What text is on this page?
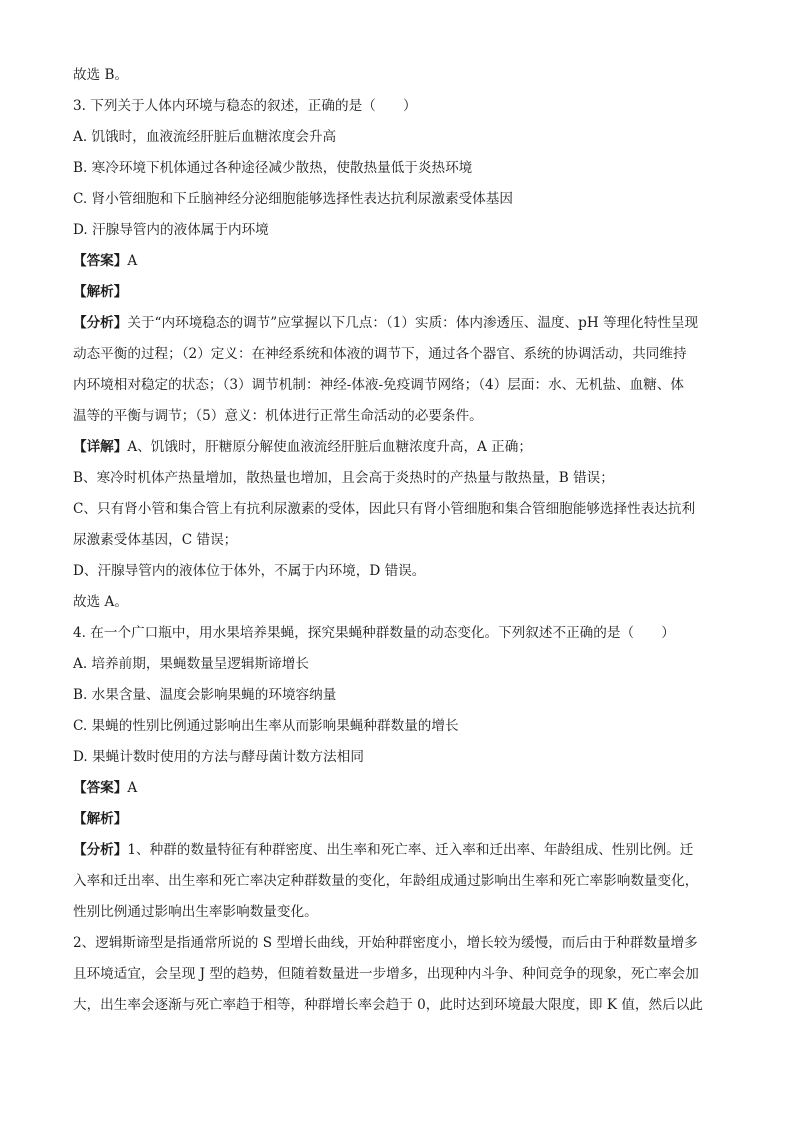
故选 B。
3. 下列关于人体内环境与稳态的叙述，正确的是（　　）
A. 饥饿时，血液流经肝脏后血糖浓度会升高
B. 寒冷环境下机体通过各种途径减少散热，使散热量低于炎热环境
C. 肾小管细胞和下丘脑神经分泌细胞能够选择性表达抗利尿激素受体基因
D. 汗腺导管内的液体属于内环境
【答案】A
【解析】
【分析】关于“内环境稳态的调节”应掌握以下几点：（1）实质：体内渗透压、温度、pH 等理化特性呈现
动态平衡的过程；（2）定义：在神经系统和体液的调节下，通过各个器官、系统的协调活动，共同维持
内环境相对稳定的状态；（3）调节机制：神经-体液-免疫调节网络；（4）层面：水、无机盐、血糖、体
温等的平衡与调节；（5）意义：机体进行正常生命活动的必要条件。
【详解】A、饥饿时，肝糖原分解使血液流经肝脏后血糖浓度升高，A 正确；
B、寒冷时机体产热量增加，散热量也增加，且会高于炎热时的产热量与散热量，B 错误；
C、只有肾小管和集合管上有抗利尿激素的受体，因此只有肾小管细胞和集合管细胞能够选择性表达抗利
尿激素受体基因，C 错误；
D、汗腺导管内的液体位于体外，不属于内环境，D 错误。
故选 A。
4. 在一个广口瓶中，用水果培养果蝇，探究果蝇种群数量的动态变化。下列叙述不正确的是（　　）
A. 培养前期，果蝇数量呈逻辑斯谛增长
B. 水果含量、温度会影响果蝇的环境容纳量
C. 果蝇的性别比例通过影响出生率从而影响果蝇种群数量的增长
D. 果蝇计数时使用的方法与酵母菌计数方法相同
【答案】A
【解析】
【分析】1、种群的数量特征有种群密度、出生率和死亡率、迁入率和迁出率、年龄组成、性别比例。迁
入率和迁出率、出生率和死亡率决定种群数量的变化，年龄组成通过影响出生率和死亡率影响数量变化，
性别比例通过影响出生率影响数量变化。
2、逻辑斯谛型是指通常所说的 S 型增长曲线，开始种群密度小，增长较为缓慢，而后由于种群数量增多
且环境适宜，会呈现 J 型的趋势，但随着数量进一步增多，出现种内斗争、种间竞争的现象，死亡率会加
大，出生率会逐渐与死亡率趋于相等，种群增长率会趋于 0，此时达到环境最大限度，即 K 值，然后以此
